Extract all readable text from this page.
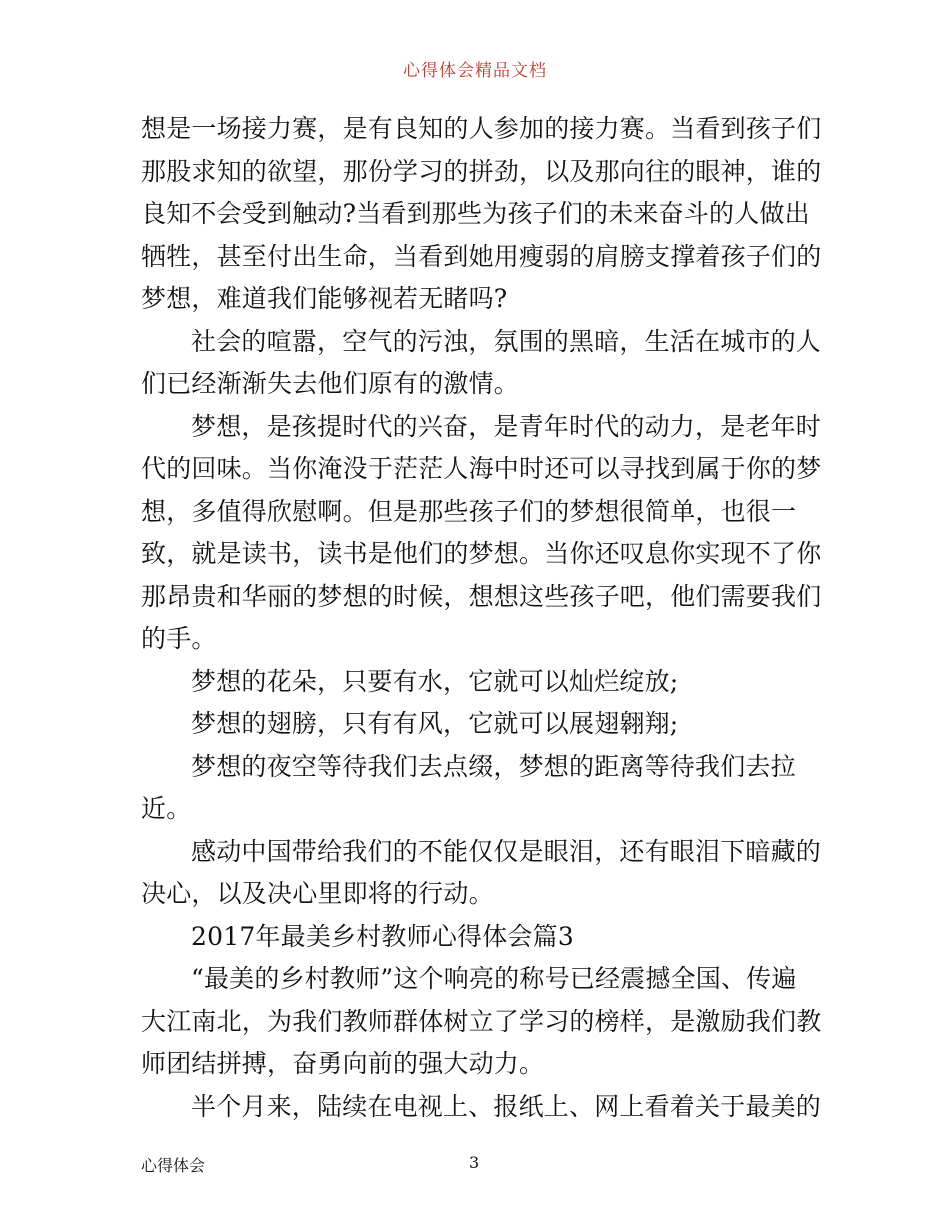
心得体会精品文档
想是一场接力赛，是有良知的人参加的接力赛。当看到孩子们
那股求知的欲望，那份学习的拼劲，以及那向往的眼神，谁的
良知不会受到触动?当看到那些为孩子们的未来奋斗的人做出
牺牲，甚至付出生命，当看到她用瘦弱的肩膀支撑着孩子们的
梦想，难道我们能够视若无睹吗?
社会的喧嚣，空气的污浊，氛围的黑暗，生活在城市的人
们已经渐渐失去他们原有的激情。
梦想，是孩提时代的兴奋，是青年时代的动力，是老年时
代的回味。当你淹没于茫茫人海中时还可以寻找到属于你的梦
想，多值得欣慰啊。但是那些孩子们的梦想很简单，也很一
致，就是读书，读书是他们的梦想。当你还叹息你实现不了你
那昂贵和华丽的梦想的时候，想想这些孩子吧，他们需要我们
的手。
梦想的花朵，只要有水，它就可以灿烂绽放;
梦想的翅膀，只有有风，它就可以展翅翱翔;
梦想的夜空等待我们去点缀，梦想的距离等待我们去拉
近。
感动中国带给我们的不能仅仅是眼泪，还有眼泪下暗藏的
决心，以及决心里即将的行动。
2017年最美乡村教师心得体会篇3
“最美的乡村教师”这个响亮的称号已经震撼全国、传遍
大江南北，为我们教师群体树立了学习的榜样，是激励我们教
师团结拼搏，奋勇向前的强大动力。
半个月来，陆续在电视上、报纸上、网上看着关于最美的
心得体会	3
